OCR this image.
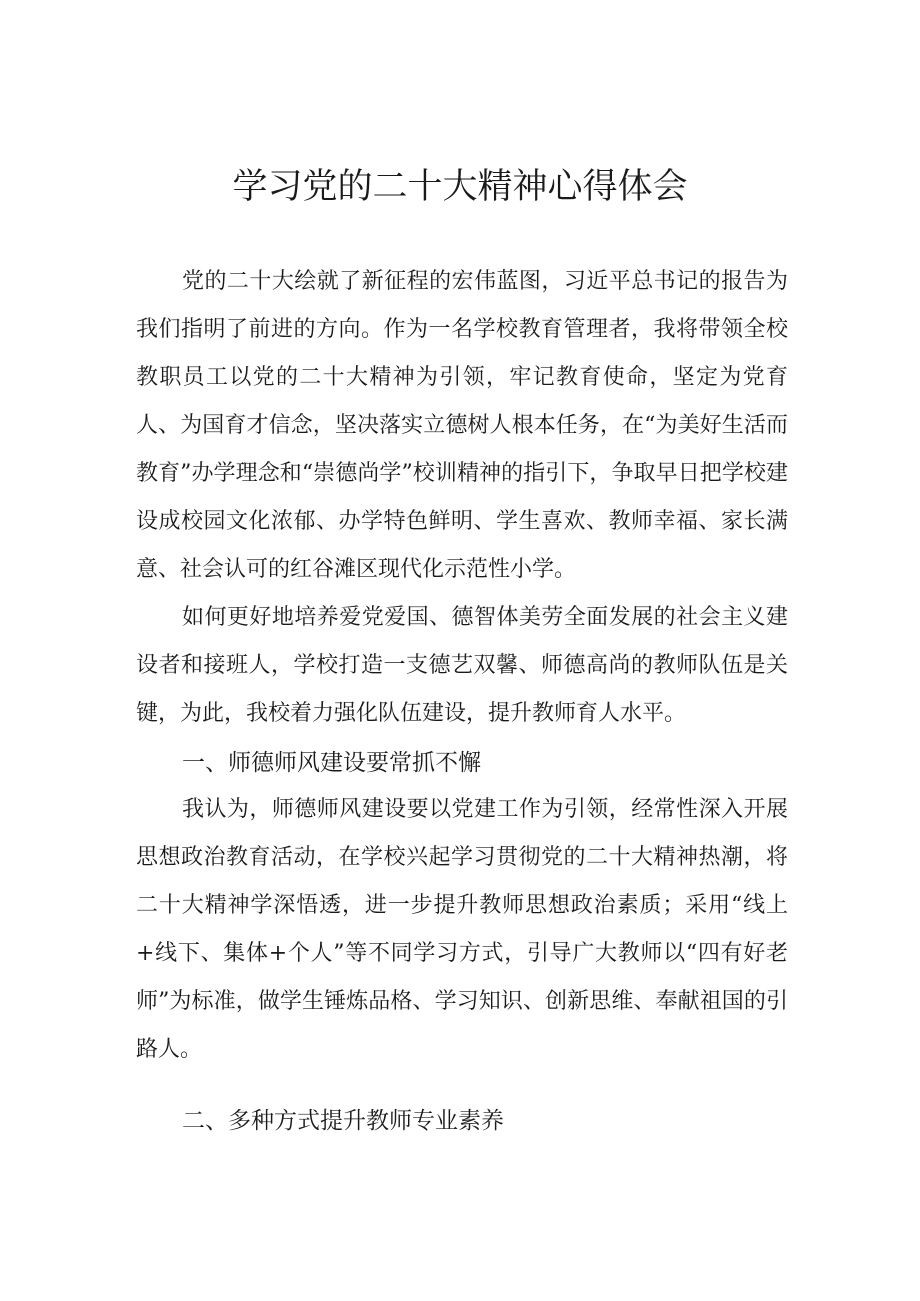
学习党的二十大精神心得体会

党的二十大绘就了新征程的宏伟蓝图，习近平总书记的报告为我们指明了前进的方向。作为一名学校教育管理者，我将带领全校教职员工以党的二十大精神为引领，牢记教育使命，坚定为党育人、为国育才信念，坚决落实立德树人根本任务，在“为美好生活而教育”办学理念和“崇德尚学”校训精神的指引下，争取早日把学校建设成校园文化浓郁、办学特色鲜明、学生喜欢、教师幸福、家长满意、社会认可的红谷滩区现代化示范性小学。

如何更好地培养爱党爱国、德智体美劳全面发展的社会主义建设者和接班人，学校打造一支德艺双馨、师德高尚的教师队伍是关键，为此，我校着力强化队伍建设，提升教师育人水平。

一、师德师风建设要常抓不懈

我认为，师德师风建设要以党建工作为引领，经常性深入开展思想政治教育活动，在学校兴起学习贯彻党的二十大精神热潮，将二十大精神学深悟透，进一步提升教师思想政治素质；采用“线上+线下、集体+个人”等不同学习方式，引导广大教师以“四有好老师”为标准，做学生锤炼品格、学习知识、创新思维、奉献祖国的引路人。

二、多种方式提升教师专业素养
